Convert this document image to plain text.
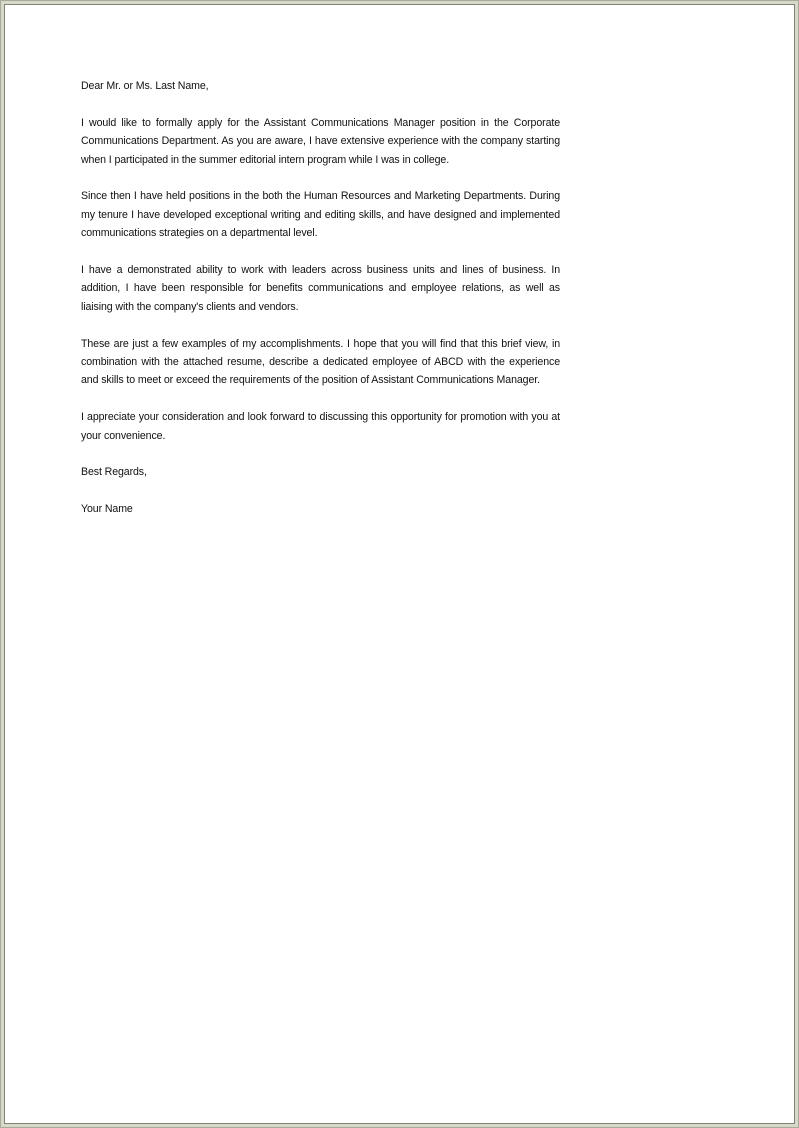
Dear Mr. or Ms. Last Name,

I would like to formally apply for the Assistant Communications Manager position in the Corporate Communications Department. As you are aware, I have extensive experience with the company starting when I participated in the summer editorial intern program while I was in college.

Since then I have held positions in the both the Human Resources and Marketing Departments. During my tenure I have developed exceptional writing and editing skills, and have designed and implemented communications strategies on a departmental level.

I have a demonstrated ability to work with leaders across business units and lines of business. In addition, I have been responsible for benefits communications and employee relations, as well as liaising with the company's clients and vendors.

These are just a few examples of my accomplishments. I hope that you will find that this brief view, in combination with the attached resume, describe a dedicated employee of ABCD with the experience and skills to meet or exceed the requirements of the position of Assistant Communications Manager.

I appreciate your consideration and look forward to discussing this opportunity for promotion with you at your convenience.

Best Regards,

Your Name
